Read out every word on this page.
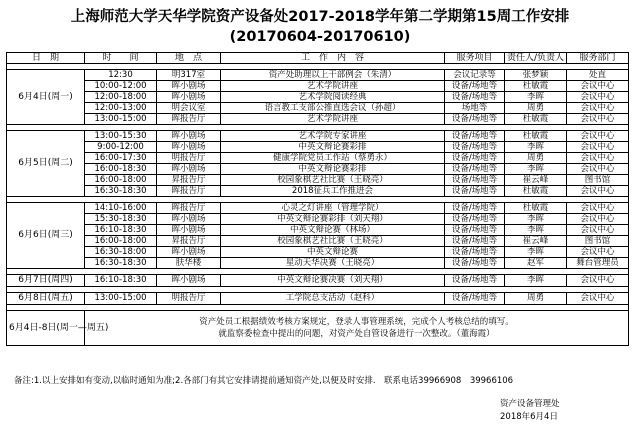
上海师范大学天华学院资产设备处2017-2018学年第二学期第15周工作安排
(20170604-20170610)
日　期	时　　间	地　点	工　作　内　容	服务项目	责任人/负责人	服务部门

6月4日(周一)	12:30	明317室	资产处助理以上干部例会（朱清）	会议记录等	张梦颖	处直
	10:00-12:00	晖小剧场	艺术学院讲座	设备/场地等	杜敏霞	会议中心
	12:00-18:00	晖小剧场	艺术学院阅读经典	设备/场地等	李晖	会议中心
	12:00-13:00	明会议室	语言教工支部公推直选会议（孙超）	场地等	周勇	会议中心
	13:00-15:00	晖报告厅	艺术学院讲座	设备/场地等	杜敏霞	会议中心

6月5日(周二)	13:00-15:30	晖小剧场	艺术学院专家讲座	设备/场地等	杜敏霞	会议中心
	9:00-12:00	晖小剧场	中英文辩论赛彩排	设备/场地等	李晖	会议中心
	16:00-17:30	明报告厅	健康学院党员工作站（蔡勇永）	设备/场地等	周勇	会议中心
	16:00-18:30	晖小剧场	中英文辩论赛彩排	设备/场地等	李晖	会议中心
	16:00-18:00	昇报告厅	校园象棋艺社比赛（王晓亮）	设备/场地等	崔云峰	图书馆
	16:30-18:30	晖报告厅	2018征兵工作推进会	设备/场地等	杜敏霞	会议中心

6月6日(周三)	14:10-16:00	晖报告厅	心灵之灯讲座（管理学院）	设备/场地等	杜敏霞	会议中心
	15:30-18:30	晖小剧场	中英文辩论赛彩排（刘天翔）	设备/场地等	李晖	会议中心
	16:10-18:30	晖小剧场	中英文辩论赛（林场）	设备/场地等	李晖	会议中心
	16:00-18:00	昇报告厅	校园象棋艺社比赛（王晓亮）	设备/场地等	崔云峰	图书馆
	16:30-18:00	晖小剧场	中英文辩论赛	设备/场地等	李晖	会议中心
	16:30-18:30	肤华楼	星动天华决赛（王晓亮）	设备/场地等	赵军	舞台管理员

6月7日(周四)	16:10-18:30	晖小剧场	中英文辩论赛决赛（刘天翔）	设备/场地等	李晖	会议中心

6月8日(周五)	13:00-15:00	明报告厅	工学院总支活动（赵科）	设备/场地等	周勇	会议中心

6月4日-8日(周一—周五)	资产处员工根据绩效考核方案规定，登录人事管理系统，完成个人考核总结的填写。
就监察委检查中提出的问题，对资产处自管设备进行一次整改。（董海霞）					
备注:1.以上安排如有变动,以临时通知为准;2.各部门有其它安排请提前通知资产处,以便及时安排.　联系电话39966908　39966106
资产设备管理处
2018年6月4日
